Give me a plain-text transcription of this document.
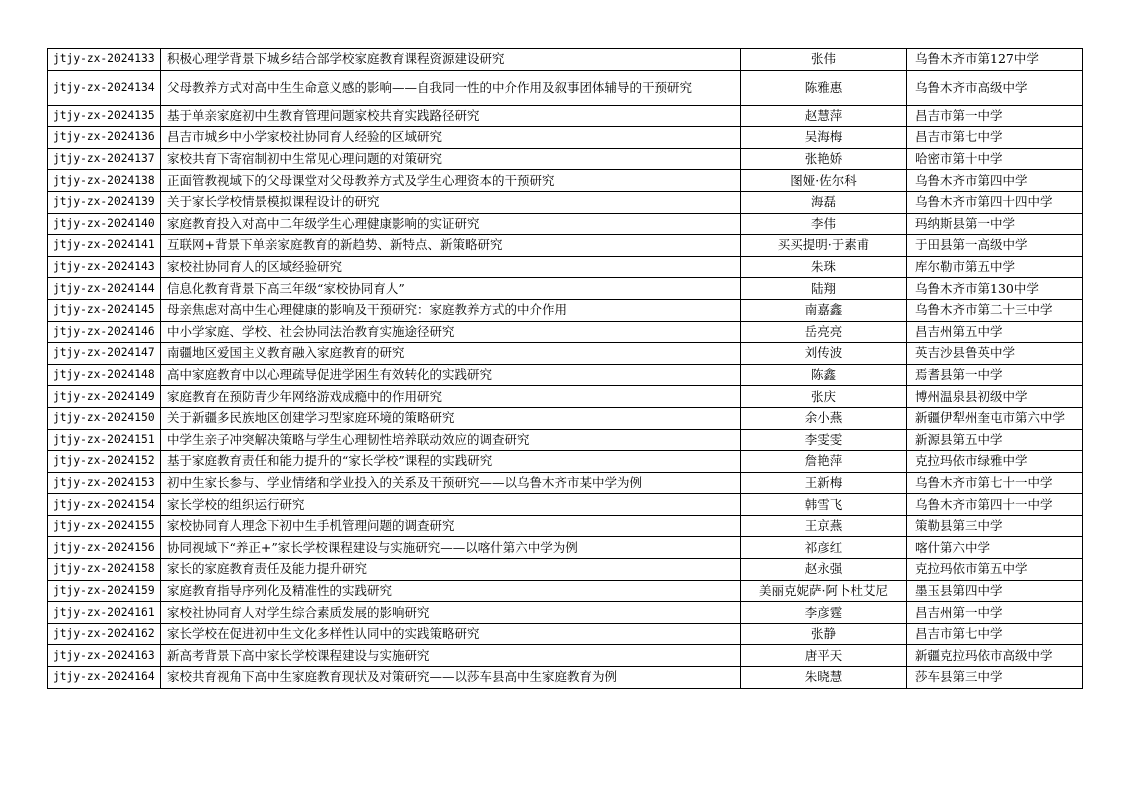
jtjy-zx-2024133	积极心理学背景下城乡结合部学校家庭教育课程资源建设研究	张伟	乌鲁木齐市第127中学
jtjy-zx-2024134	父母教养方式对高中生生命意义感的影响——自我同一性的中介作用及叙事团体辅导的干预研究	陈雅惠	乌鲁木齐市高级中学
jtjy-zx-2024135	基于单亲家庭初中生教育管理问题家校共育实践路径研究	赵慧萍	昌吉市第一中学
jtjy-zx-2024136	昌吉市城乡中小学家校社协同育人经验的区域研究	吴海梅	昌吉市第七中学
jtjy-zx-2024137	家校共育下寄宿制初中生常见心理问题的对策研究	张艳娇	哈密市第十中学
jtjy-zx-2024138	正面管教视域下的父母课堂对父母教养方式及学生心理资本的干预研究	图娅·佐尔科	乌鲁木齐市第四中学
jtjy-zx-2024139	关于家长学校情景模拟课程设计的研究	海磊	乌鲁木齐市第四十四中学
jtjy-zx-2024140	家庭教育投入对高中二年级学生心理健康影响的实证研究	李伟	玛纳斯县第一中学
jtjy-zx-2024141	互联网+背景下单亲家庭教育的新趋势、新特点、新策略研究	买买提明·于素甫	于田县第一高级中学
jtjy-zx-2024143	家校社协同育人的区域经验研究	朱珠	库尔勒市第五中学
jtjy-zx-2024144	信息化教育背景下高三年级“家校协同育人”	陆翔	乌鲁木齐市第130中学
jtjy-zx-2024145	母亲焦虑对高中生心理健康的影响及干预研究：家庭教养方式的中介作用	南嘉鑫	乌鲁木齐市第二十三中学
jtjy-zx-2024146	中小学家庭、学校、社会协同法治教育实施途径研究	岳亮亮	昌吉州第五中学
jtjy-zx-2024147	南疆地区爱国主义教育融入家庭教育的研究	刘传波	英吉沙县鲁英中学
jtjy-zx-2024148	高中家庭教育中以心理疏导促进学困生有效转化的实践研究	陈鑫	焉耆县第一中学
jtjy-zx-2024149	家庭教育在预防青少年网络游戏成瘾中的作用研究	张庆	博州温泉县初级中学
jtjy-zx-2024150	关于新疆多民族地区创建学习型家庭环境的策略研究	余小燕	新疆伊犁州奎屯市第六中学
jtjy-zx-2024151	中学生亲子冲突解决策略与学生心理韧性培养联动效应的调查研究	李雯雯	新源县第五中学
jtjy-zx-2024152	基于家庭教育责任和能力提升的“家长学校”课程的实践研究	詹艳萍	克拉玛依市绿雅中学
jtjy-zx-2024153	初中生家长参与、学业情绪和学业投入的关系及干预研究——以乌鲁木齐市某中学为例	王新梅	乌鲁木齐市第七十一中学
jtjy-zx-2024154	家长学校的组织运行研究	韩雪飞	乌鲁木齐市第四十一中学
jtjy-zx-2024155	家校协同育人理念下初中生手机管理问题的调查研究	王京燕	策勒县第三中学
jtjy-zx-2024156	协同视域下“养正+”家长学校课程建设与实施研究——以喀什第六中学为例	祁彦红	喀什第六中学
jtjy-zx-2024158	家长的家庭教育责任及能力提升研究	赵永强	克拉玛依市第五中学
jtjy-zx-2024159	家庭教育指导序列化及精准性的实践研究	美丽克妮萨·阿卜杜艾尼	墨玉县第四中学
jtjy-zx-2024161	家校社协同育人对学生综合素质发展的影响研究	李彦霆	昌吉州第一中学
jtjy-zx-2024162	家长学校在促进初中生文化多样性认同中的实践策略研究	张静	昌吉市第七中学
jtjy-zx-2024163	新高考背景下高中家长学校课程建设与实施研究	唐平天	新疆克拉玛依市高级中学
jtjy-zx-2024164	家校共育视角下高中生家庭教育现状及对策研究——以莎车县高中生家庭教育为例	朱晓慧	莎车县第三中学
